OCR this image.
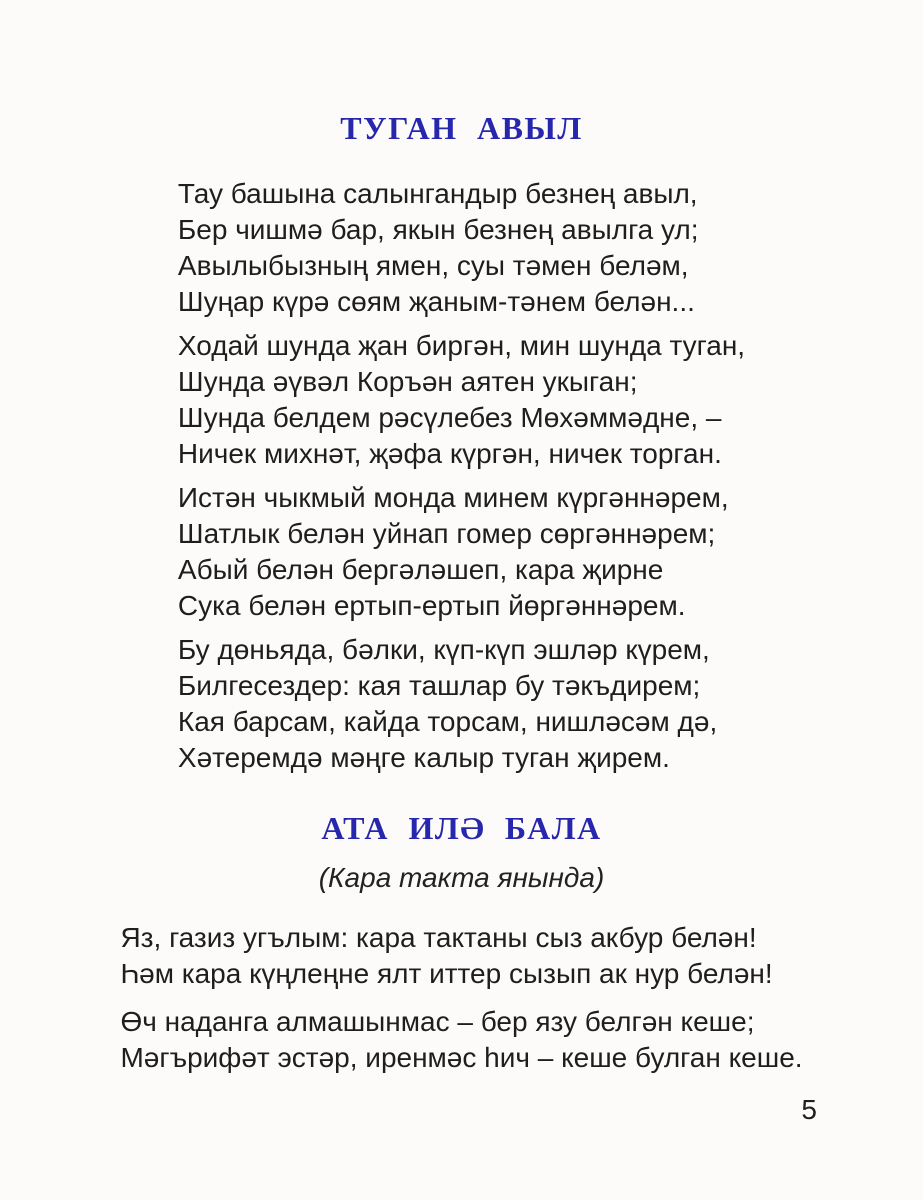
ТУГАН АВЫЛ
Тау башына салынгандыр безнең авыл,
Бер чишмә бар, якын безнең авылга ул;
Авылыбызның ямен, суы тәмен беләм,
Шуңар күрә сөям җаным-тәнем белән...
Ходай шунда җан биргән, мин шунда туган,
Шунда әүвәл Коръән аятен укыган;
Шунда белдем рәсүлебез Мөхәммәдне, –
Ничек михнәт, җәфа күргән, ничек торган.
Истән чыкмый монда минем күргәннәрем,
Шатлык белән уйнап гомер сөргәннәрем;
Абый белән бергәләшеп, кара җирне
Сука белән ертып-ертып йөргәннәрем.
Бу дөньяда, бәлки, күп-күп эшләр күрем,
Билгесездер: кая ташлар бу тәкъдирем;
Кая барсам, кайда торсам, нишләсәм дә,
Хәтеремдә мәңге калыр туган җирем.
АТА ИЛӘ БАЛА
(Кара такта янында)
Яз, газиз угълым: кара тактаны сыз акбур белән!
Һәм кара күңлеңне ялт иттер сызып ак нур белән!
Өч наданга алмашынмас – бер язу белгән кеше;
Мәгърифәт эстәр, иренмәс һич – кеше булган кеше.
5
